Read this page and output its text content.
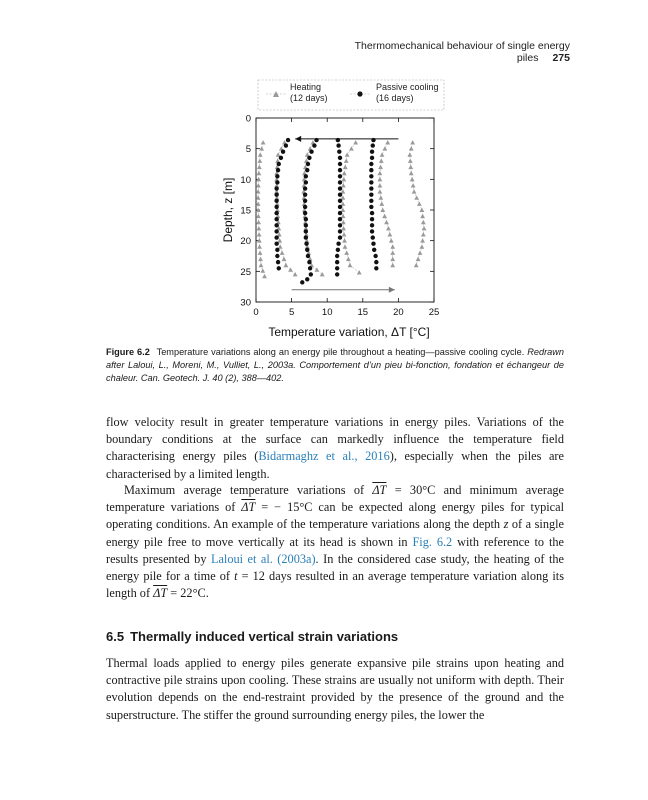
Thermomechanical behaviour of single energy piles 275
Heating
(12 days)
Passive cooling
(16 days)
0	5	10	15	20	25
0
5
10
15
20
25
30
Depth, z [m]
Temperature variation, ΔT [°C]
Figure 6.2 Temperature variations along an energy pile throughout a heating—passive cooling cycle. Redrawn after Laloui, L., Moreni, M., Vulliet, L., 2003a. Comportement d’un pieu bi-fonction, fondation et échangeur de chaleur. Can. Geotech. J. 40 (2), 388—402.

flow velocity result in greater temperature variations in energy piles. Variations of the boundary conditions at the surface can markedly influence the temperature field characterising energy piles (Bidarmaghz et al., 2016), especially when the piles are characterised by a limited length.

Maximum average temperature variations of $\overline{\Delta T} = 30^\circ C$ and minimum average temperature variations of $\overline{\Delta T}$ = − 15°C can be expected along energy piles for typical operating conditions. An example of the temperature variations along the depth z of a single energy pile free to move vertically at its head is shown in Fig. 6.2 with reference to the results presented by Laloui et al. (2003a). In the considered case study, the heating of the energy pile for a time of t = 12 days resulted in an average temperature variation along its length of $\overline{\Delta T} = 22^\circ C$.

6.5 Thermally induced vertical strain variations

Thermal loads applied to energy piles generate expansive pile strains upon heating and contractive pile strains upon cooling. These strains are usually not uniform with depth. Their evolution depends on the end-restraint provided by the presence of the ground and the superstructure. The stiffer the ground surrounding energy piles, the lower the
